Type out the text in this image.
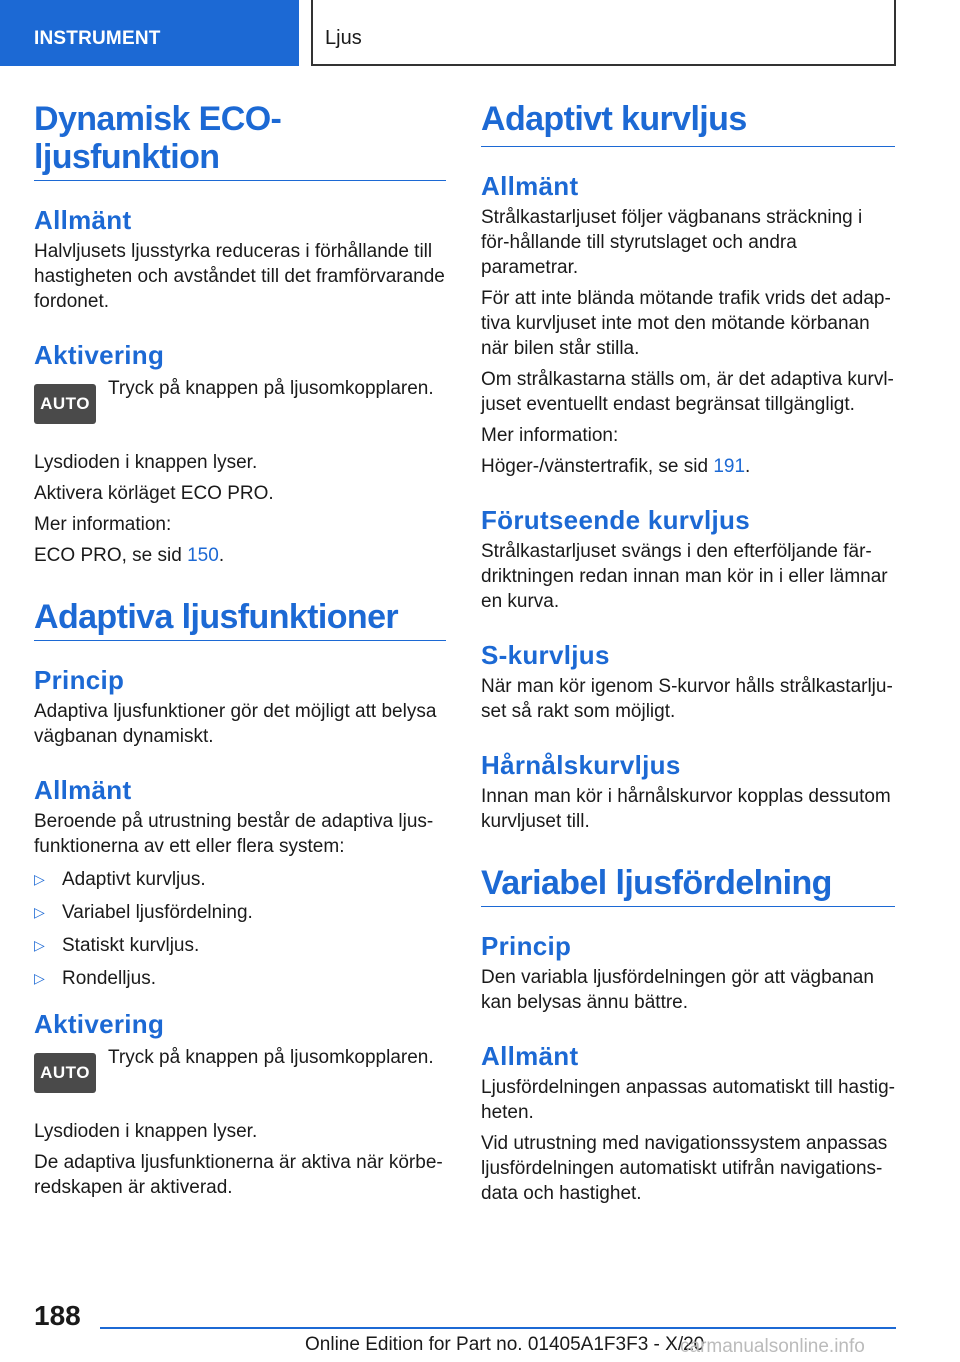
INSTRUMENT	Ljus
Dynamisk ECO-
ljusfunktion
Allmänt

Halvljusets ljusstyrka reduceras i förhållande till hastigheten och avståndet till det framförvarande fordonet.

Aktivering
AUTO

Tryck på knappen på ljusomkopplaren.

Lysdioden i knappen lyser.

Aktivera körläget ECO PRO.

Mer information:

ECO PRO, se sid 150.

Adaptiva ljusfunktioner
Princip

Adaptiva ljusfunktioner gör det möjligt att belysa vägbanan dynamiskt.

Allmänt

Beroende på utrustning består de adaptiva ljus-funktionerna av ett eller flera system:

▷ Adaptivt kurvljus.
▷ Variabel ljusfördelning.
▷ Statiskt kurvljus.
▷ Rondelljus.
Aktivering
AUTO

Tryck på knappen på ljusomkopplaren.

Lysdioden i knappen lyser.

De adaptiva ljusfunktionerna är aktiva när körbe-redskapen är aktiverad.

Adaptivt kurvljus
Allmänt

Strålkastarljuset följer vägbanans sträckning i för-hållande till styrutslaget och andra parametrar.

För att inte blända mötande trafik vrids det adap-tiva kurvljuset inte mot den mötande körbanan när bilen står stilla.

Om strålkastarna ställs om, är det adaptiva kurvl-juset eventuellt endast begränsat tillgängligt.

Mer information:

Höger-/vänstertrafik, se sid 191.

Förutseende kurvljus

Strålkastarljuset svängs i den efterföljande fär-driktningen redan innan man kör in i eller lämnar en kurva.

S-kurvljus

När man kör igenom S-kurvor hålls strålkastarlju-set så rakt som möjligt.

Hårnålskurvljus

Innan man kör i hårnålskurvor kopplas dessutom kurvljuset till.

Variabel ljusfördelning
Princip

Den variabla ljusfördelningen gör att vägbanan kan belysas ännu bättre.

Allmänt

Ljusfördelningen anpassas automatiskt till hastig-heten.

Vid utrustning med navigationssystem anpassas ljusfördelningen automatiskt utifrån navigations-data och hastighet.

188
Online Edition for Part no. 01405A1F3F3 - X/20
carmanualsonline.info
